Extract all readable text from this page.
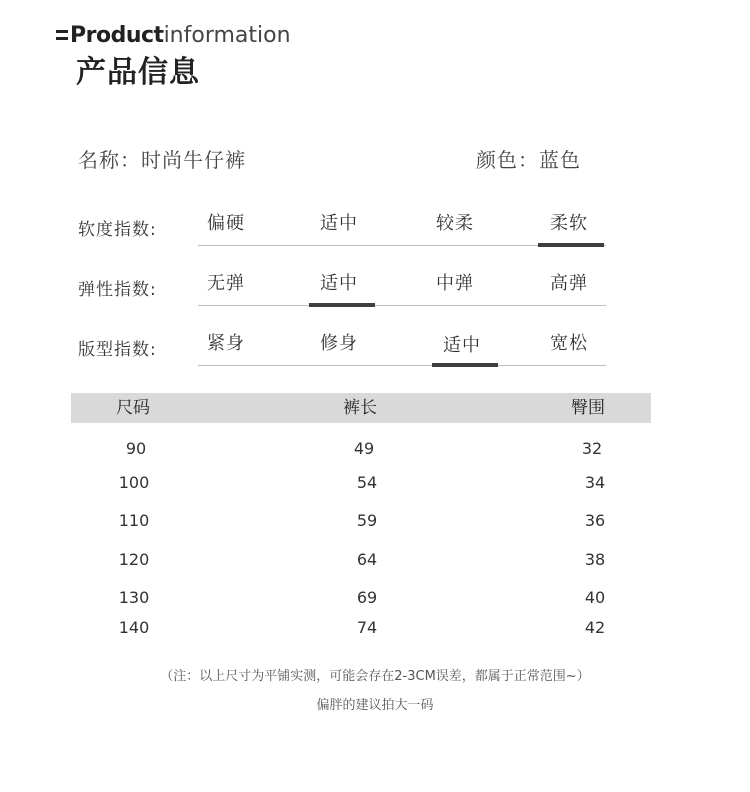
Productinformation
产品信息
名称：时尚牛仔裤	颜色：蓝色
软度指数:	偏硬	适中	较柔	柔软
弹性指数:	无弹	适中	中弹	高弹
版型指数:	紧身	修身	适中	宽松
尺码	裤长	臀围
90	49	32
100	54	34
110	59	36
120	64	38
130	69	40
140	74	42
（注：以上尺寸为平铺实测，可能会存在2-3CM误差，都属于正常范围~）
偏胖的建议拍大一码
